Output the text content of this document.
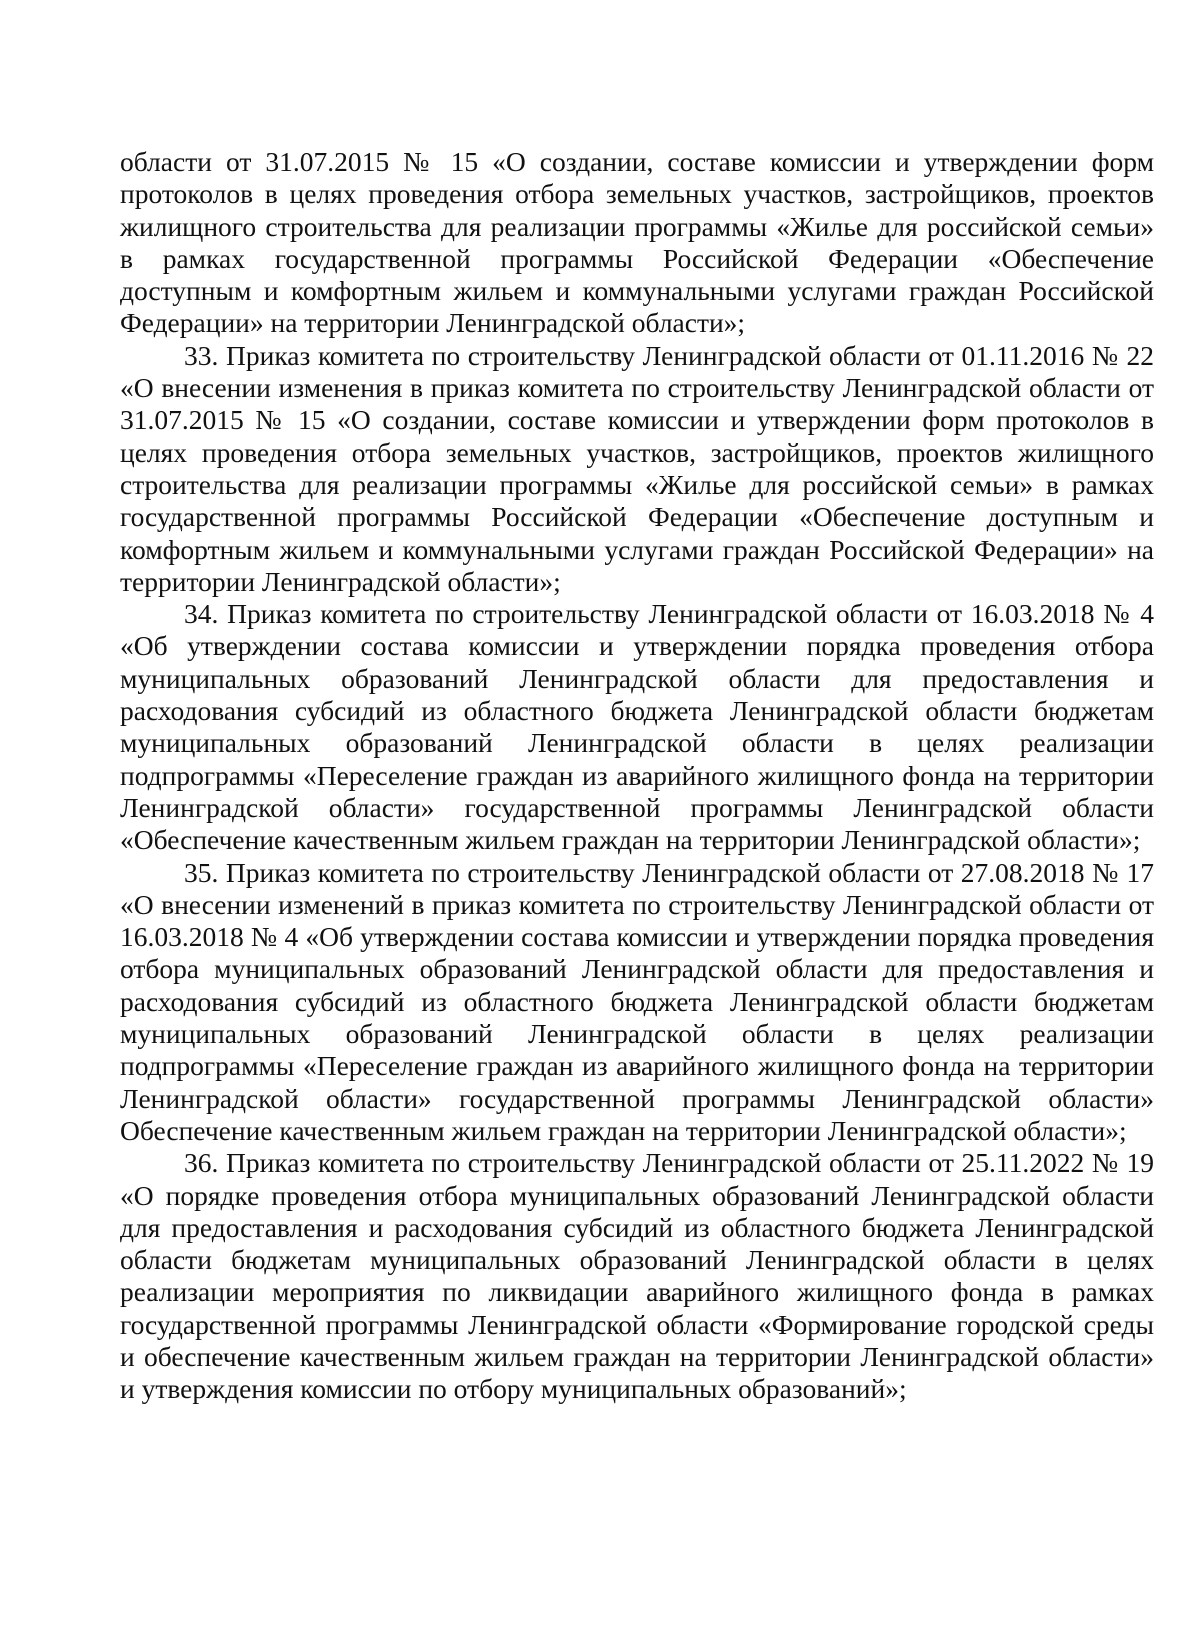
области от 31.07.2015 № 15 «О создании, составе комиссии и утверждении форм протоколов в целях проведения отбора земельных участков, застройщиков, проектов жилищного строительства для реализации программы «Жилье для российской семьи» в рамках государственной программы Российской Федерации «Обеспечение доступным и комфортным жильем и коммунальными услугами граждан Российской Федерации» на территории Ленинградской области»;

33. Приказ комитета по строительству Ленинградской области от 01.11.2016 № 22 «О внесении изменения в приказ комитета по строительству Ленинградской области от 31.07.2015 № 15 «О создании, составе комиссии и утверждении форм протоколов в целях проведения отбора земельных участков, застройщиков, проектов жилищного строительства для реализации программы «Жилье для российской семьи» в рамках государственной программы Российской Федерации «Обеспечение доступным и комфортным жильем и коммунальными услугами граждан Российской Федерации» на территории Ленинградской области»;

34. Приказ комитета по строительству Ленинградской области от 16.03.2018 № 4 «Об утверждении состава комиссии и утверждении порядка проведения отбора муниципальных образований Ленинградской области для предоставления и расходования субсидий из областного бюджета Ленинградской области бюджетам муниципальных образований Ленинградской области в целях реализации подпрограммы «Переселение граждан из аварийного жилищного фонда на территории Ленинградской области» государственной программы Ленинградской области «Обеспечение качественным жильем граждан на территории Ленинградской области»;

35. Приказ комитета по строительству Ленинградской области от 27.08.2018 № 17 «О внесении изменений в приказ комитета по строительству Ленинградской области от 16.03.2018 № 4 «Об утверждении состава комиссии и утверждении порядка проведения отбора муниципальных образований Ленинградской области для предоставления и расходования субсидий из областного бюджета Ленинградской области бюджетам муниципальных образований Ленинградской области в целях реализации подпрограммы «Переселение граждан из аварийного жилищного фонда на территории Ленинградской области» государственной программы Ленинградской области» Обеспечение качественным жильем граждан на территории Ленинградской области»;

36. Приказ комитета по строительству Ленинградской области от 25.11.2022 № 19 «О порядке проведения отбора муниципальных образований Ленинградской области для предоставления и расходования субсидий из областного бюджета Ленинградской области бюджетам муниципальных образований Ленинградской области в целях реализации мероприятия по ликвидации аварийного жилищного фонда в рамках государственной программы Ленинградской области «Формирование городской среды и обеспечение качественным жильем граждан на территории Ленинградской области» и утверждения комиссии по отбору муниципальных образований»;
